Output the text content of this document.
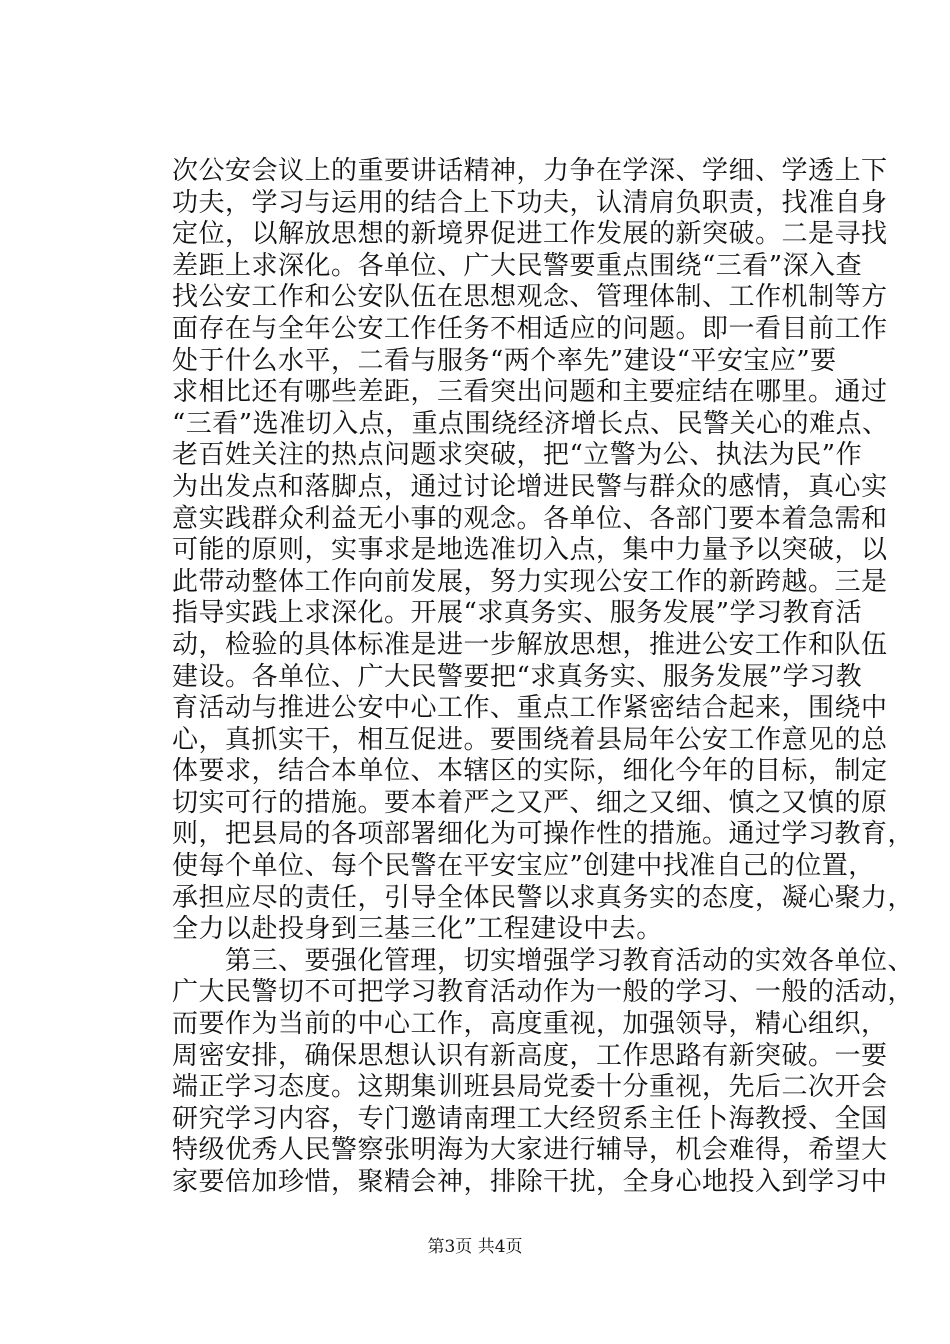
次公安会议上的重要讲话精神，力争在学深、学细、学透上下
功夫，学习与运用的结合上下功夫，认清肩负职责，找准自身
定位，以解放思想的新境界促进工作发展的新突破。二是寻找
差距上求深化。各单位、广大民警要重点围绕“三看”深入查
找公安工作和公安队伍在思想观念、管理体制、工作机制等方
面存在与全年公安工作任务不相适应的问题。即一看目前工作
处于什么水平，二看与服务“两个率先”建设“平安宝应”要
求相比还有哪些差距，三看突出问题和主要症结在哪里。通过
“三看”选准切入点，重点围绕经济增长点、民警关心的难点、
老百姓关注的热点问题求突破，把“立警为公、执法为民”作
为出发点和落脚点，通过讨论增进民警与群众的感情，真心实
意实践群众利益无小事的观念。各单位、各部门要本着急需和
可能的原则，实事求是地选准切入点，集中力量予以突破，以
此带动整体工作向前发展，努力实现公安工作的新跨越。三是
指导实践上求深化。开展“求真务实、服务发展”学习教育活
动，检验的具体标准是进一步解放思想，推进公安工作和队伍
建设。各单位、广大民警要把“求真务实、服务发展”学习教
育活动与推进公安中心工作、重点工作紧密结合起来，围绕中
心，真抓实干，相互促进。要围绕着县局年公安工作意见的总
体要求，结合本单位、本辖区的实际，细化今年的目标，制定
切实可行的措施。要本着严之又严、细之又细、慎之又慎的原
则，把县局的各项部署细化为可操作性的措施。通过学习教育，
使每个单位、每个民警在平安宝应”创建中找准自己的位置，
承担应尽的责任，引导全体民警以求真务实的态度，凝心聚力，
全力以赴投身到三基三化”工程建设中去。
　　第三、要强化管理，切实增强学习教育活动的实效各单位、
广大民警切不可把学习教育活动作为一般的学习、一般的活动，
而要作为当前的中心工作，高度重视，加强领导，精心组织，
周密安排，确保思想认识有新高度，工作思路有新突破。一要
端正学习态度。这期集训班县局党委十分重视，先后二次开会
研究学习内容，专门邀请南理工大经贸系主任卜海教授、全国
特级优秀人民警察张明海为大家进行辅导，机会难得，希望大
家要倍加珍惜，聚精会神，排除干扰，全身心地投入到学习中
第3页 共4页
